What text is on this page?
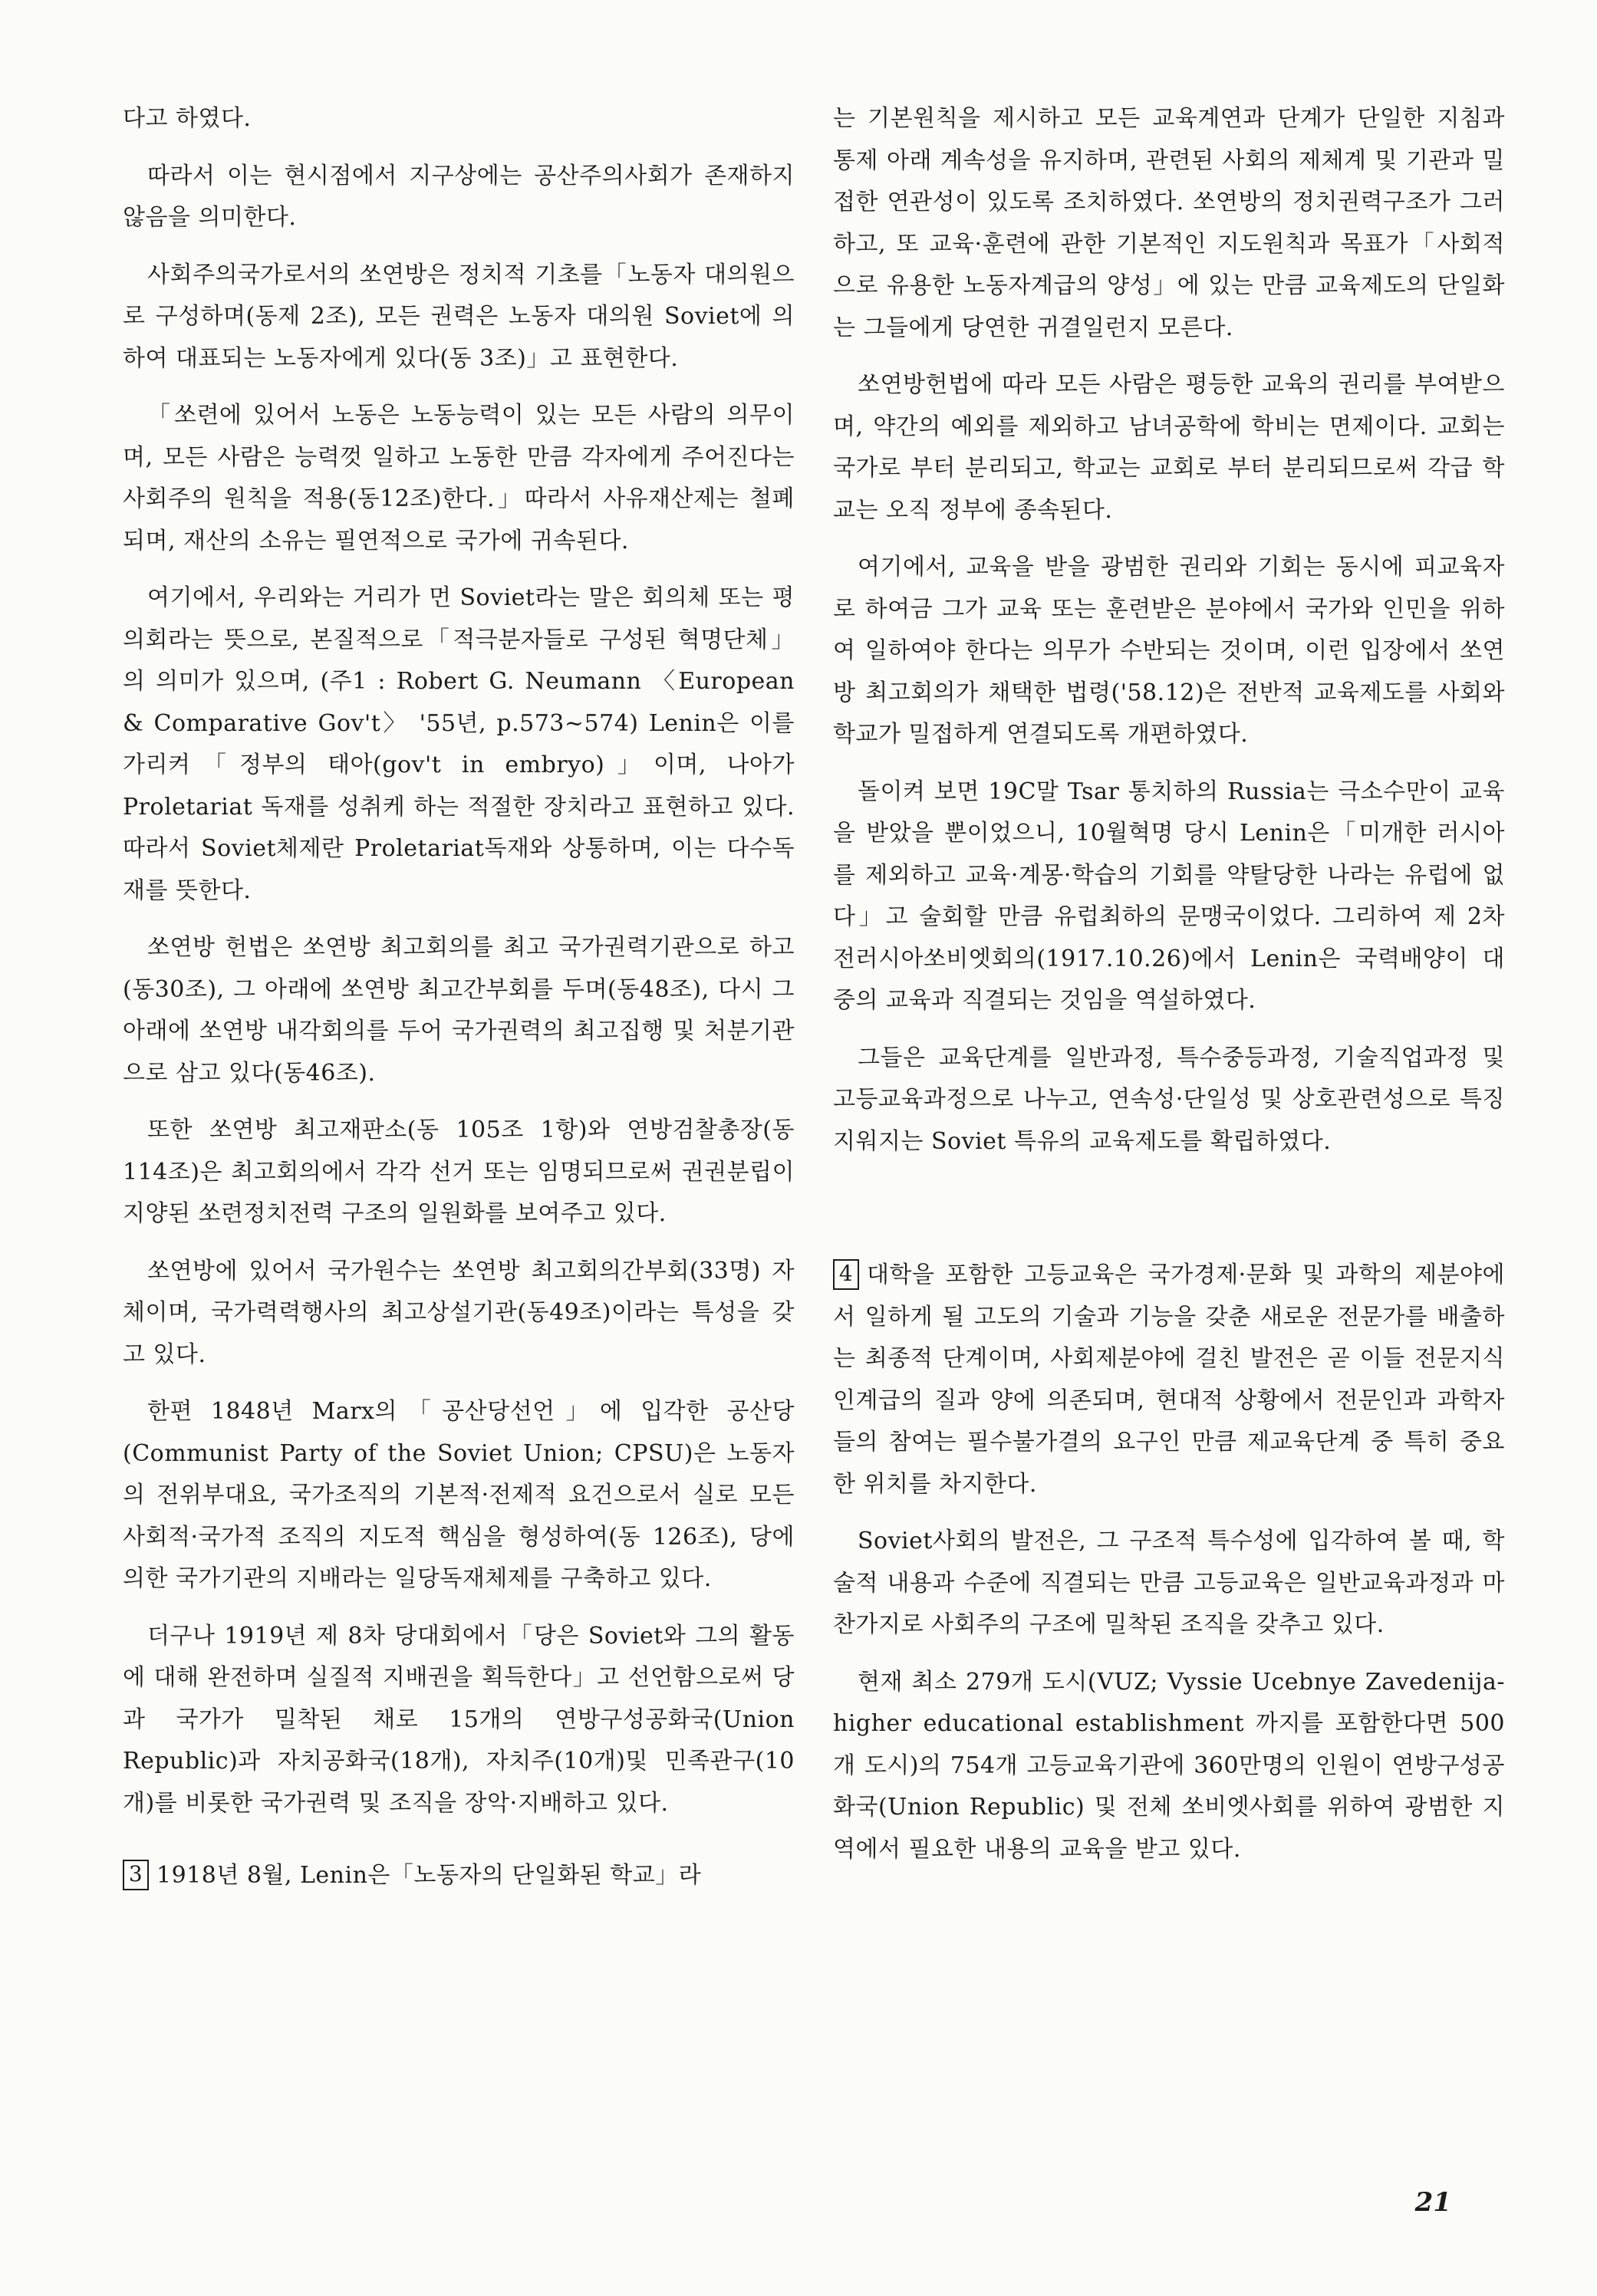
다고 하였다.

따라서 이는 현시점에서 지구상에는 공산주의사회가 존재하지 않음을 의미한다.

사회주의국가로서의 쏘연방은 정치적 기초를「노동자 대의원으로 구성하며(동제 2조), 모든 권력은 노동자 대의원 Soviet에 의하여 대표되는 노동자에게 있다(동 3조)」고 표현한다.

「쏘련에 있어서 노동은 노동능력이 있는 모든 사람의 의무이며, 모든 사람은 능력껏 일하고 노동한 만큼 각자에게 주어진다는 사회주의 원칙을 적용(동12조)한다.」따라서 사유재산제는 철폐되며, 재산의 소유는 필연적으로 국가에 귀속된다.

여기에서, 우리와는 거리가 먼 Soviet라는 말은 회의체 또는 평의회라는 뜻으로, 본질적으로「적극분자들로 구성된 혁명단체」의 의미가 있으며, (주1 : Robert G. Neumann 〈European & Comparative Gov't〉 '55년, p.573~574) Lenin은 이를 가리켜「정부의 태아(gov't in embryo)」이며, 나아가 Proletariat 독재를 성취케 하는 적절한 장치라고 표현하고 있다. 따라서 Soviet체제란 Proletariat독재와 상통하며, 이는 다수독재를 뜻한다.

쏘연방 헌법은 쏘연방 최고회의를 최고 국가권력기관으로 하고(동30조), 그 아래에 쏘연방 최고간부회를 두며(동48조), 다시 그 아래에 쏘연방 내각회의를 두어 국가권력의 최고집행 및 처분기관으로 삼고 있다(동46조).

또한 쏘연방 최고재판소(동 105조 1항)와 연방검찰총장(동 114조)은 최고회의에서 각각 선거 또는 임명되므로써 권권분립이 지양된 쏘련정치전력 구조의 일원화를 보여주고 있다.

쏘연방에 있어서 국가원수는 쏘연방 최고회의간부회(33명) 자체이며, 국가력력행사의 최고상설기관(동49조)이라는 특성을 갖고 있다.

한편 1848년 Marx의「공산당선언」에 입각한 공산당(Communist Party of the Soviet Union; CPSU)은 노동자의 전위부대요, 국가조직의 기본적·전제적 요건으로서 실로 모든 사회적·국가적 조직의 지도적 핵심을 형성하여(동 126조), 당에 의한 국가기관의 지배라는 일당독재체제를 구축하고 있다.

더구나 1919년 제 8차 당대회에서「당은 Soviet와 그의 활동에 대해 완전하며 실질적 지배권을 획득한다」고 선언함으로써 당과 국가가 밀착된 채로 15개의 연방구성공화국(Union Republic)과 자치공화국(18개), 자치주(10개)및 민족관구(10개)를 비롯한 국가권력 및 조직을 장악·지배하고 있다.

3 1918년 8월, Lenin은「노동자의 단일화된 학교」라

는 기본원칙을 제시하고 모든 교육계연과 단계가 단일한 지침과 통제 아래 계속성을 유지하며, 관련된 사회의 제체계 및 기관과 밀접한 연관성이 있도록 조치하였다. 쏘연방의 정치권력구조가 그러하고, 또 교육·훈련에 관한 기본적인 지도원칙과 목표가「사회적으로 유용한 노동자계급의 양성」에 있는 만큼 교육제도의 단일화는 그들에게 당연한 귀결일런지 모른다.

쏘연방헌법에 따라 모든 사람은 평등한 교육의 권리를 부여받으며, 약간의 예외를 제외하고 남녀공학에 학비는 면제이다. 교회는 국가로 부터 분리되고, 학교는 교회로 부터 분리되므로써 각급 학교는 오직 정부에 종속된다.

여기에서, 교육을 받을 광범한 권리와 기회는 동시에 피교육자로 하여금 그가 교육 또는 훈련받은 분야에서 국가와 인민을 위하여 일하여야 한다는 의무가 수반되는 것이며, 이런 입장에서 쏘연방 최고회의가 채택한 법령('58.12)은 전반적 교육제도를 사회와 학교가 밀접하게 연결되도록 개편하였다.

돌이켜 보면 19C말 Tsar 통치하의 Russia는 극소수만이 교육을 받았을 뿐이었으니, 10월혁명 당시 Lenin은「미개한 러시아를 제외하고 교육·계몽·학습의 기회를 약탈당한 나라는 유럽에 없다」고 술회할 만큼 유럽최하의 문맹국이었다. 그리하여 제 2차 전러시아쏘비엣회의(1917.10.26)에서 Lenin은 국력배양이 대중의 교육과 직결되는 것임을 역설하였다.

그들은 교육단계를 일반과정, 특수중등과정, 기술직업과정 및 고등교육과정으로 나누고, 연속성·단일성 및 상호관련성으로 특징지워지는 Soviet 특유의 교육제도를 확립하였다.

4 대학을 포함한 고등교육은 국가경제·문화 및 과학의 제분야에서 일하게 될 고도의 기술과 기능을 갖춘 새로운 전문가를 배출하는 최종적 단계이며, 사회제분야에 걸친 발전은 곧 이들 전문지식인계급의 질과 양에 의존되며, 현대적 상황에서 전문인과 과학자들의 참여는 필수불가결의 요구인 만큼 제교육단계 중 특히 중요한 위치를 차지한다.

Soviet사회의 발전은, 그 구조적 특수성에 입각하여 볼 때, 학술적 내용과 수준에 직결되는 만큼 고등교육은 일반교육과정과 마찬가지로 사회주의 구조에 밀착된 조직을 갖추고 있다.

현재 최소 279개 도시(VUZ; Vyssie Ucebnye Zavedenija-higher educational establishment 까지를 포함한다면 500개 도시)의 754개 고등교육기관에 360만명의 인원이 연방구성공화국(Union Republic) 및 전체 쏘비엣사회를 위하여 광범한 지역에서 필요한 내용의 교육을 받고 있다.

21
